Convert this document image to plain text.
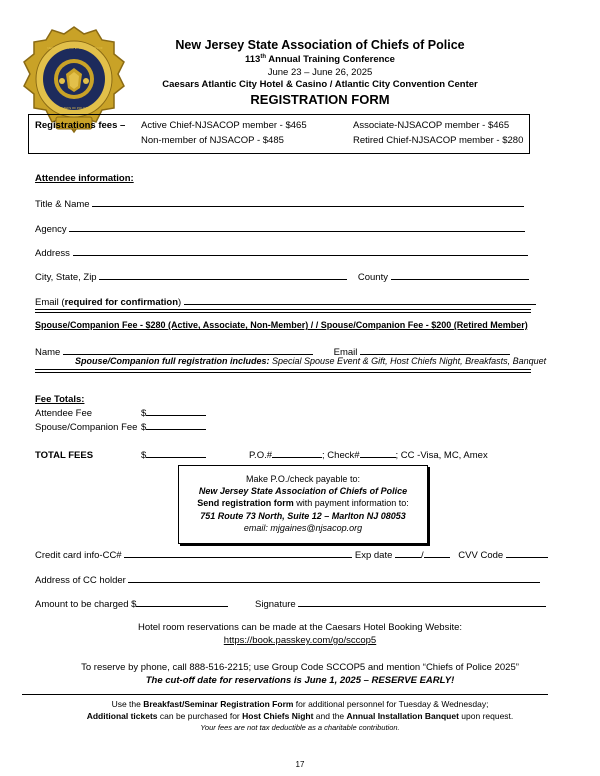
NEW JERSEY STATE ASSOCIATION OF
CHIEFS OF POLICE
New Jersey State Association of Chiefs of Police
113th Annual Training Conference
June 23 – June 26, 2025
Caesars Atlantic City Hotel & Casino / Atlantic City Convention Center
REGISTRATION FORM
Registrations fees – Active Chief-NJSACOP member - $465	Associate-NJSACOP member - $465
Non-member of NJSACOP - $485	Retired Chief-NJSACOP member - $280
Attendee information:
Title & Name
Agency
Address
City, State, Zip	County
Email (required for confirmation)
Spouse/Companion Fee - $280 (Active, Associate, Non-Member) / / Spouse/Companion Fee - $200 (Retired Member)
Name	Email
Spouse/Companion full registration includes: Special Spouse Event & Gift, Host Chiefs Night, Breakfasts, Banquet
Fee Totals:
Attendee Fee	$
Spouse/Companion Fee $
TOTAL FEES	$	P.O.#	; Check#	; CC -Visa, MC, Amex
Make P.O./check payable to:
New Jersey State Association of Chiefs of Police
Send registration form with payment information to:
751 Route 73 North, Suite 12 – Marlton NJ 08053
email: mjgaines@njsacop.org
Credit card info-CC#	Exp date	/	CVV Code
Address of CC holder
Amount to be charged $	Signature
Hotel room reservations can be made at the Caesars Hotel Booking Website:
https://book.passkey.com/go/sccop5
To reserve by phone, call 888-516-2215; use Group Code SCCOP5 and mention “Chiefs of Police 2025”
The cut-off date for reservations is June 1, 2025 – RESERVE EARLY!
Use the Breakfast/Seminar Registration Form for additional personnel for Tuesday & Wednesday;
Additional tickets can be purchased for Host Chiefs Night and the Annual Installation Banquet upon request.
Your fees are not tax deductible as a charitable contribution.
17
